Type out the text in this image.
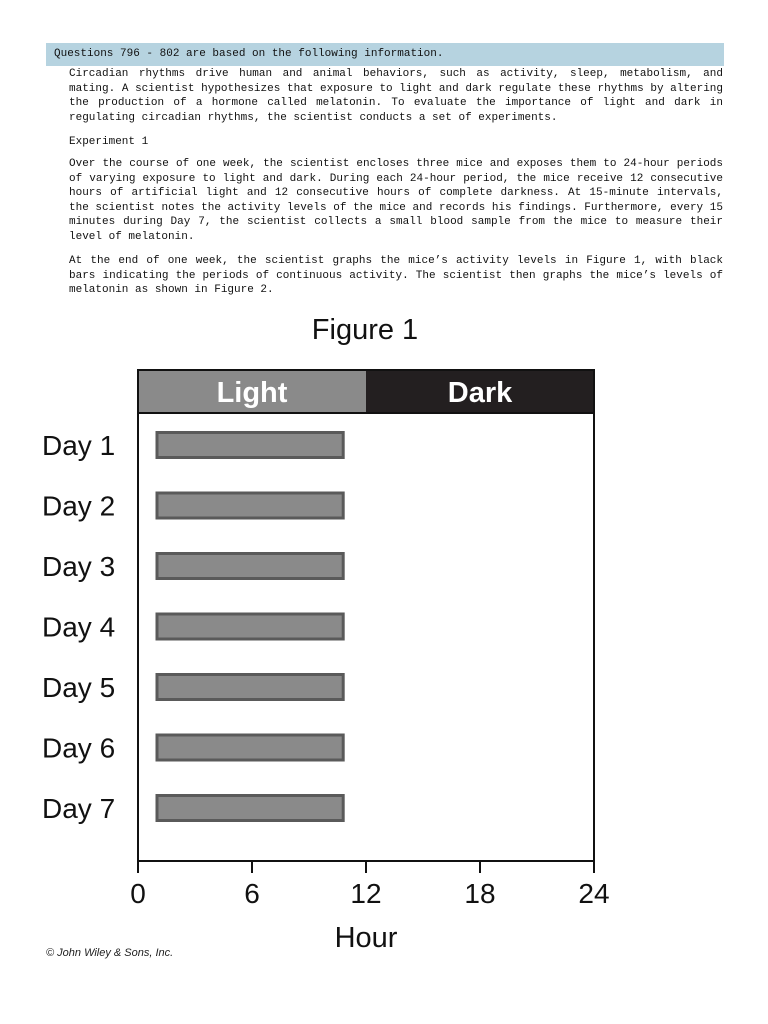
Questions 796 - 802 are based on the following information.

Circadian rhythms drive human and animal behaviors, such as activity, sleep, metabolism, and mating. A scientist hypothesizes that exposure to light and dark regulate these rhythms by altering the production of a hormone called melatonin. To evaluate the importance of light and dark in regulating circadian rhythms, the scientist conducts a set of experiments.

Experiment 1

Over the course of one week, the scientist encloses three mice and exposes them to 24-hour periods of varying exposure to light and dark. During each 24-hour period, the mice receive 12 consecutive hours of artificial light and 12 consecutive hours of complete darkness. At 15-minute intervals, the scientist notes the activity levels of the mice and records his findings. Furthermore, every 15 minutes during Day 7, the scientist collects a small blood sample from the mice to measure their level of melatonin.

At the end of one week, the scientist graphs the mice’s activity levels in Figure 1, with black bars indicating the periods of continuous activity. The scientist then graphs the mice’s levels of melatonin as shown in Figure 2.

Figure 1
Light	Dark
Day 1
Day 2
Day 3
Day 4
Day 5
Day 6
Day 7
0	6	12	18	24
Hour
© John Wiley & Sons, Inc.
